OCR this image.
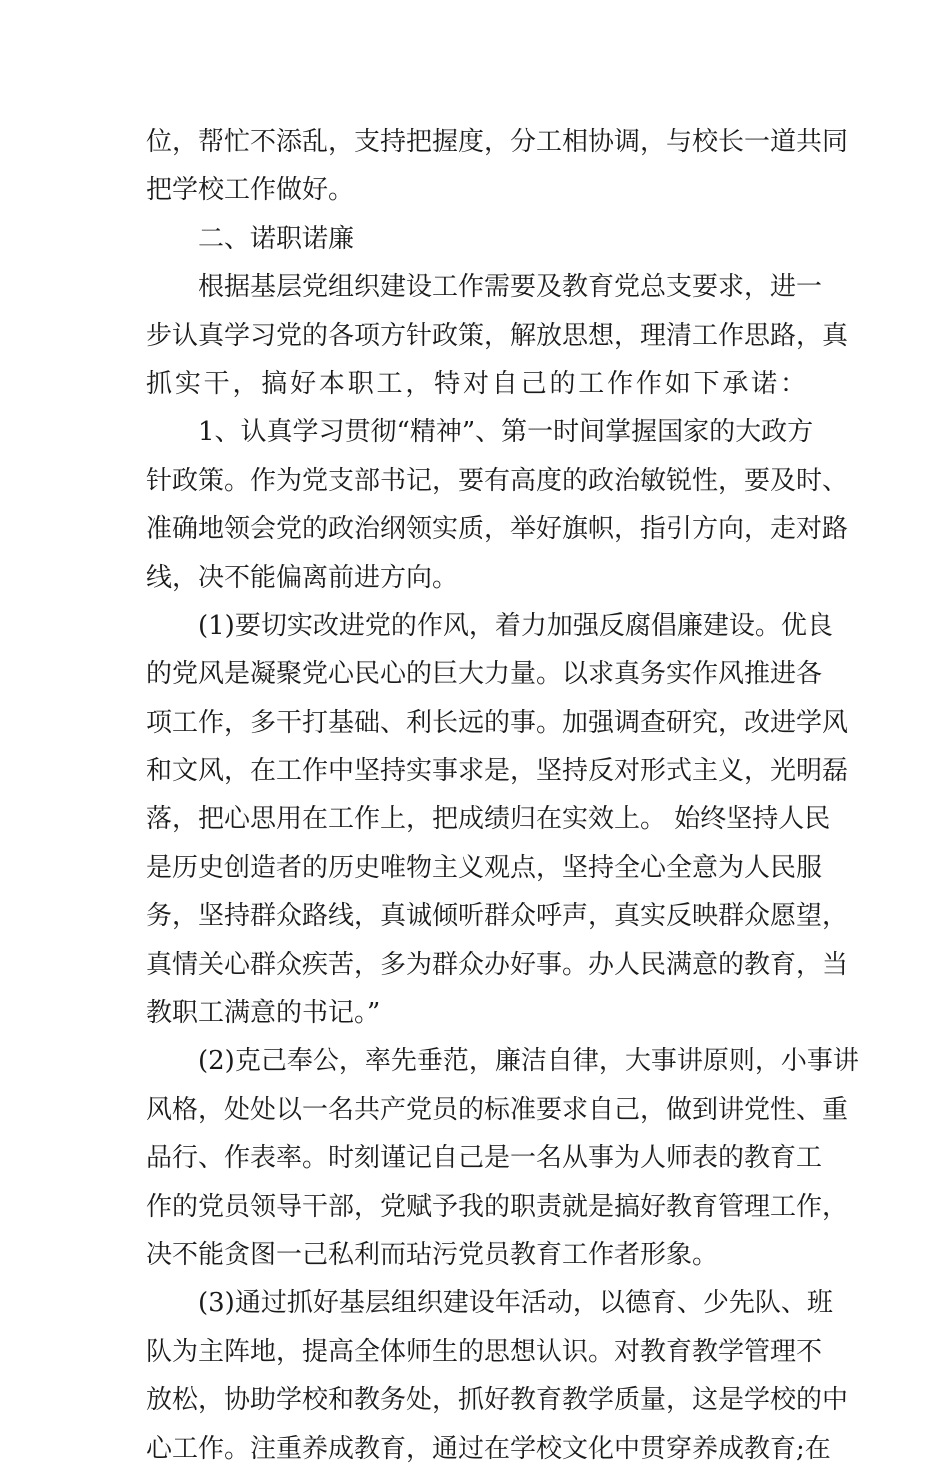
位，帮忙不添乱，支持把握度，分工相协调，与校长一道共同
把学校工作做好。
二、诺职诺廉
根据基层党组织建设工作需要及教育党总支要求，进一
步认真学习党的各项方针政策，解放思想，理清工作思路，真
抓实干，搞好本职工，特对自己的工作作如下承诺：
1、认真学习贯彻“精神”、第一时间掌握国家的大政方
针政策。作为党支部书记，要有高度的政治敏锐性，要及时、
准确地领会党的政治纲领实质，举好旗帜，指引方向，走对路
线，决不能偏离前进方向。
(1)要切实改进党的作风，着力加强反腐倡廉建设。优良
的党风是凝聚党心民心的巨大力量。以求真务实作风推进各
项工作，多干打基础、利长远的事。加强调查研究，改进学风
和文风，在工作中坚持实事求是，坚持反对形式主义，光明磊
落，把心思用在工作上，把成绩归在实效上。 始终坚持人民
是历史创造者的历史唯物主义观点，坚持全心全意为人民服
务，坚持群众路线，真诚倾听群众呼声，真实反映群众愿望，
真情关心群众疾苦，多为群众办好事。办人民满意的教育，当
教职工满意的书记。”
(2)克己奉公，率先垂范，廉洁自律，大事讲原则，小事讲
风格，处处以一名共产党员的标准要求自己，做到讲党性、重
品行、作表率。时刻谨记自己是一名从事为人师表的教育工
作的党员领导干部，党赋予我的职责就是搞好教育管理工作，
决不能贪图一己私利而玷污党员教育工作者形象。
(3)通过抓好基层组织建设年活动，以德育、少先队、班
队为主阵地，提高全体师生的思想认识。对教育教学管理不
放松，协助学校和教务处，抓好教育教学质量，这是学校的中
心工作。注重养成教育，通过在学校文化中贯穿养成教育;在
